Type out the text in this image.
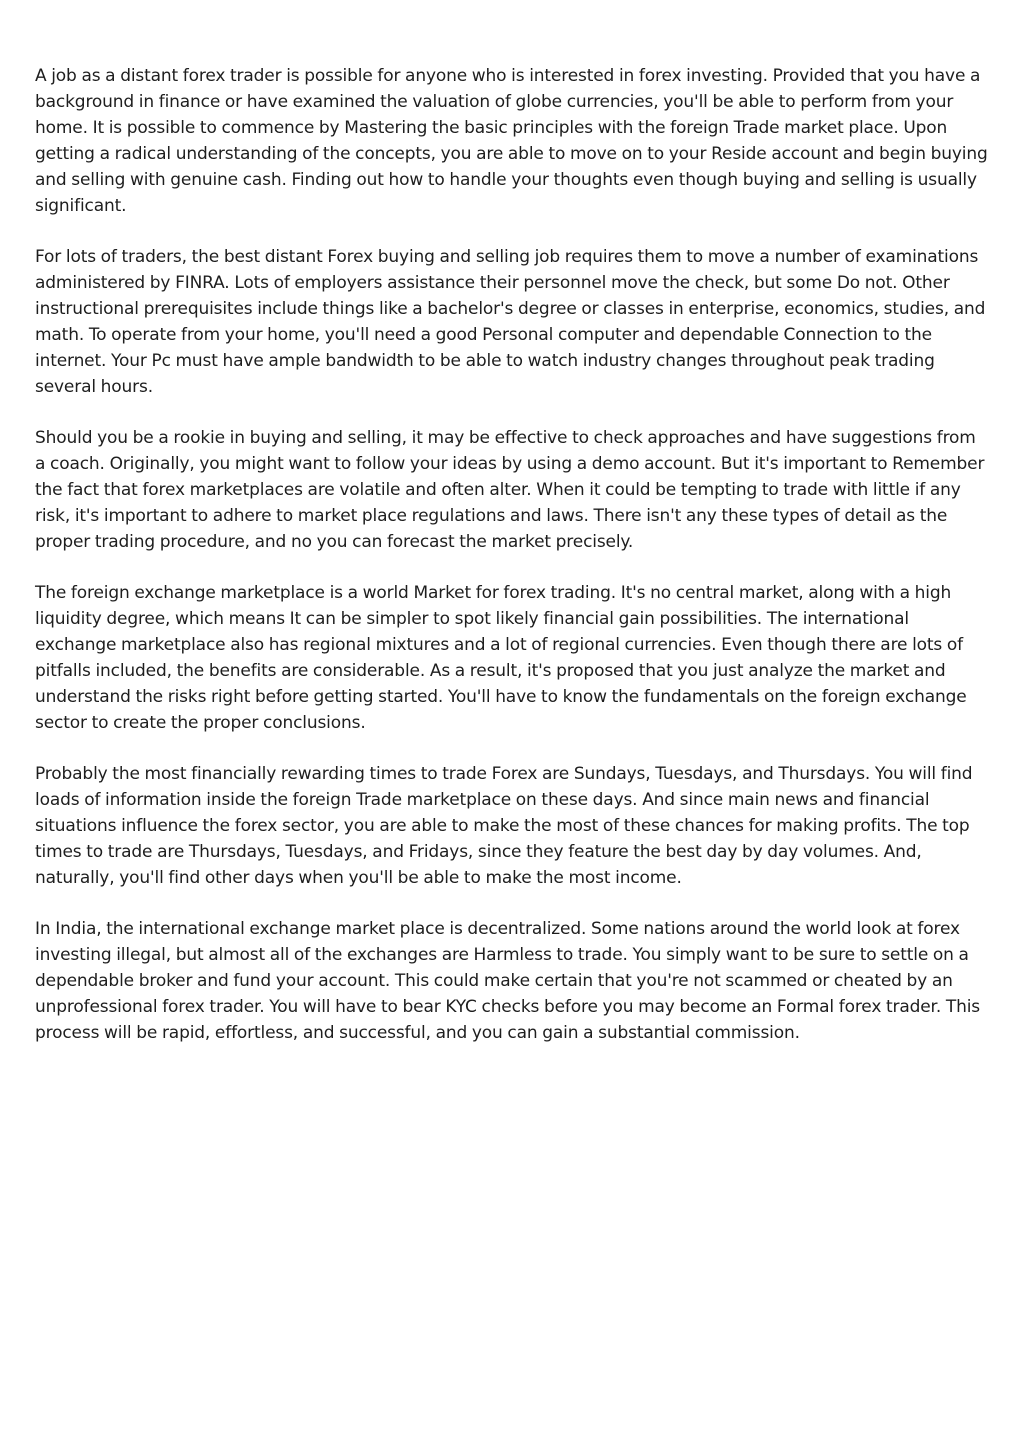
A job as a distant forex trader is possible for anyone who is interested in forex investing. Provided that you have a background in finance or have examined the valuation of globe currencies, you'll be able to perform from your home. It is possible to commence by Mastering the basic principles with the foreign Trade market place. Upon getting a radical understanding of the concepts, you are able to move on to your Reside account and begin buying and selling with genuine cash. Finding out how to handle your thoughts even though buying and selling is usually significant.

For lots of traders, the best distant Forex buying and selling job requires them to move a number of examinations administered by FINRA. Lots of employers assistance their personnel move the check, but some Do not. Other instructional prerequisites include things like a bachelor's degree or classes in enterprise, economics, studies, and math. To operate from your home, you'll need a good Personal computer and dependable Connection to the internet. Your Pc must have ample bandwidth to be able to watch industry changes throughout peak trading several hours.

Should you be a rookie in buying and selling, it may be effective to check approaches and have suggestions from a coach. Originally, you might want to follow your ideas by using a demo account. But it's important to Remember the fact that forex marketplaces are volatile and often alter. When it could be tempting to trade with little if any risk, it's important to adhere to market place regulations and laws. There isn't any these types of detail as the proper trading procedure, and no you can forecast the market precisely.

The foreign exchange marketplace is a world Market for forex trading. It's no central market, along with a high liquidity degree, which means It can be simpler to spot likely financial gain possibilities. The international exchange marketplace also has regional mixtures and a lot of regional currencies. Even though there are lots of pitfalls included, the benefits are considerable. As a result, it's proposed that you just analyze the market and understand the risks right before getting started. You'll have to know the fundamentals on the foreign exchange sector to create the proper conclusions.

Probably the most financially rewarding times to trade Forex are Sundays, Tuesdays, and Thursdays. You will find loads of information inside the foreign Trade marketplace on these days. And since main news and financial situations influence the forex sector, you are able to make the most of these chances for making profits. The top times to trade are Thursdays, Tuesdays, and Fridays, since they feature the best day by day volumes. And, naturally, you'll find other days when you'll be able to make the most income.

In India, the international exchange market place is decentralized. Some nations around the world look at forex investing illegal, but almost all of the exchanges are Harmless to trade. You simply want to be sure to settle on a dependable broker and fund your account. This could make certain that you're not scammed or cheated by an unprofessional forex trader. You will have to bear KYC checks before you may become an Formal forex trader. This process will be rapid, effortless, and successful, and you can gain a substantial commission.
